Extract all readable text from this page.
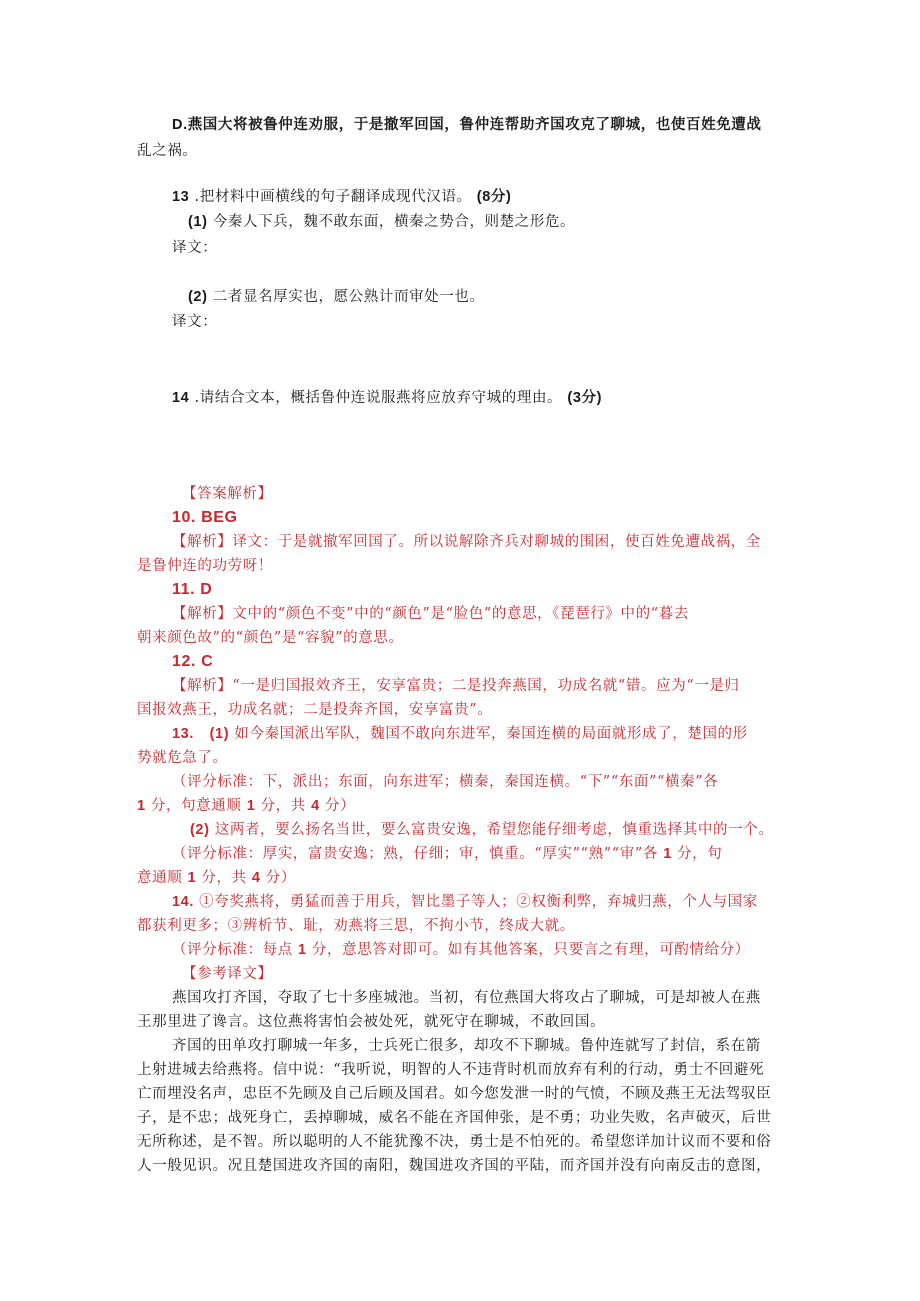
D.燕国大将被鲁仲连劝服，于是撤军回国，鲁仲连帮助齐国攻克了聊城，也使百姓免遭战
乱之祸。
13 .把材料中画横线的句子翻译成现代汉语。 (8分)
(1) 今秦人下兵，魏不敢东面，横秦之势合，则楚之形危。
译文：
(2) 二者显名厚实也，愿公熟计而审处一也。
译文：
14 .请结合文本，概括鲁仲连说服燕将应放弃守城的理由。 (3分)
【答案解析】
10. BEG
【解析】译文：于是就撤军回国了。所以说解除齐兵对聊城的围困，使百姓免遭战祸，全
是鲁仲连的功劳呀！
11. D
【解析】文中的“颜色不变”中的“颜色”是“脸色”的意思，《琵琶行》中的“暮去
朝来颜色故”的“颜色”是“容貌”的意思。
12. C
【解析】“一是归国报效齐王，安享富贵；二是投奔燕国，功成名就“错。应为“一是归
国报效燕王，功成名就；二是投奔齐国，安享富贵”。
13. (1) 如今秦国派出军队，魏国不敢向东进军，秦国连横的局面就形成了，楚国的形
势就危急了。
（评分标准：下，派出；东面，向东进军；横秦，秦国连横。“下”“东面”“横秦”各
1 分，句意通顺 1 分，共 4 分）
(2) 这两者，要么扬名当世，要么富贵安逸，希望您能仔细考虑，慎重选择其中的一个。
（评分标准：厚实，富贵安逸；熟，仔细；审，慎重。“厚实”“熟”“审”各 1 分，句
意通顺 1 分，共 4 分）
14. ①夸奖燕将，勇猛而善于用兵，智比墨子等人；②权衡利弊，弃城归燕，个人与国家
都获利更多；③辨析节、耻，劝燕将三思，不拘小节，终成大就。
（评分标准：每点 1 分，意思答对即可。如有其他答案，只要言之有理，可酌情给分）
【参考译文】
燕国攻打齐国，夺取了七十多座城池。当初，有位燕国大将攻占了聊城，可是却被人在燕
王那里进了谗言。这位燕将害怕会被处死，就死守在聊城，不敢回国。
齐国的田单攻打聊城一年多，士兵死亡很多，却攻不下聊城。鲁仲连就写了封信，系在箭
上射进城去给燕将。信中说：“我听说，明智的人不违背时机而放弃有利的行动，勇士不回避死
亡而埋没名声，忠臣不先顾及自己后顾及国君。如今您发泄一时的气愤，不顾及燕王无法驾驭臣
子，是不忠；战死身亡，丢掉聊城，威名不能在齐国伸张，是不勇；功业失败，名声破灭，后世
无所称述，是不智。所以聪明的人不能犹豫不决，勇士是不怕死的。希望您详加计议而不要和俗
人一般见识。况且楚国进攻齐国的南阳，魏国进攻齐国的平陆，而齐国并没有向南反击的意图，
